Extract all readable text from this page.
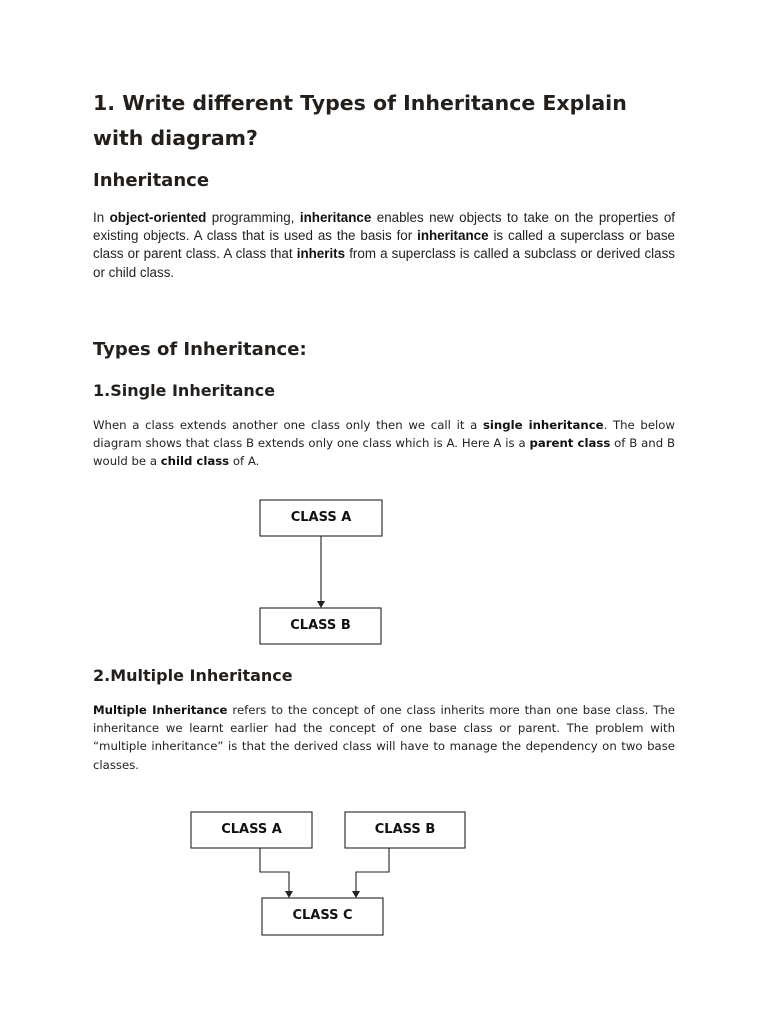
1. Write different Types of Inheritance Explain with diagram?
Inheritance

In object-oriented programming, inheritance enables new objects to take on the properties of existing objects. A class that is used as the basis for inheritance is called a superclass or base class or parent class. A class that inherits from a superclass is called a subclass or derived class or child class.

Types of Inheritance:
1.Single Inheritance

When a class extends another one class only then we call it a single inheritance. The below diagram shows that class B extends only one class which is A. Here A is a parent class of B and B would be a child class of A.

CLASS A
CLASS B
2.Multiple Inheritance

Multiple Inheritance refers to the concept of one class inherits more than one base class. The inheritance we learnt earlier had the concept of one base class or parent. The problem with “multiple inheritance” is that the derived class will have to manage the dependency on two base classes.

CLASS A	CLASS B
CLASS C
